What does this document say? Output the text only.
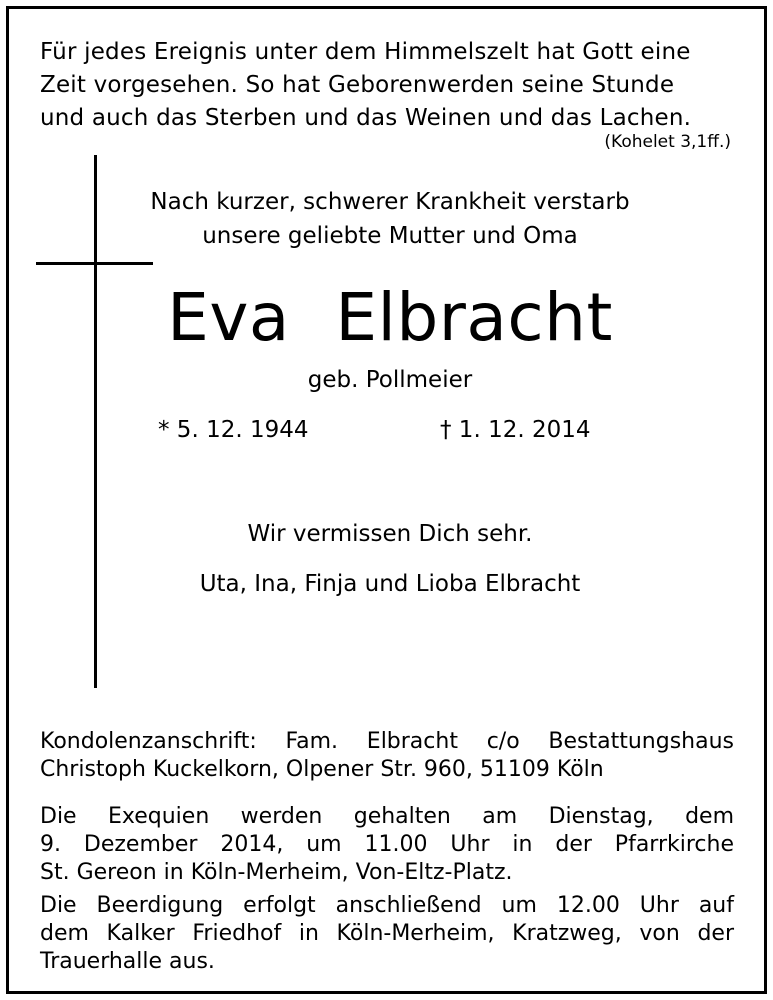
Für jedes Ereignis unter dem Himmelszelt hat Gott eine
Zeit vorgesehen. So hat Geborenwerden seine Stunde
und auch das Sterben und das Weinen und das Lachen.
(Kohelet 3,1ff.)
Nach kurzer, schwerer Krankheit verstarb
unsere geliebte Mutter und Oma
Eva Elbracht
geb. Pollmeier
* 5. 12. 1944	† 1. 12. 2014
Wir vermissen Dich sehr.
Uta, Ina, Finja und Lioba Elbracht
Kondolenzanschrift: Fam. Elbracht c/o Bestattungshaus
Christoph Kuckelkorn, Olpener Str. 960, 51109 Köln
Die Exequien werden gehalten am Dienstag, dem
9. Dezember 2014, um 11.00 Uhr in der Pfarrkirche
St. Gereon in Köln-Merheim, Von-Eltz-Platz.
Die Beerdigung erfolgt anschließend um 12.00 Uhr auf
dem Kalker Friedhof in Köln-Merheim, Kratzweg, von der
Trauerhalle aus.
